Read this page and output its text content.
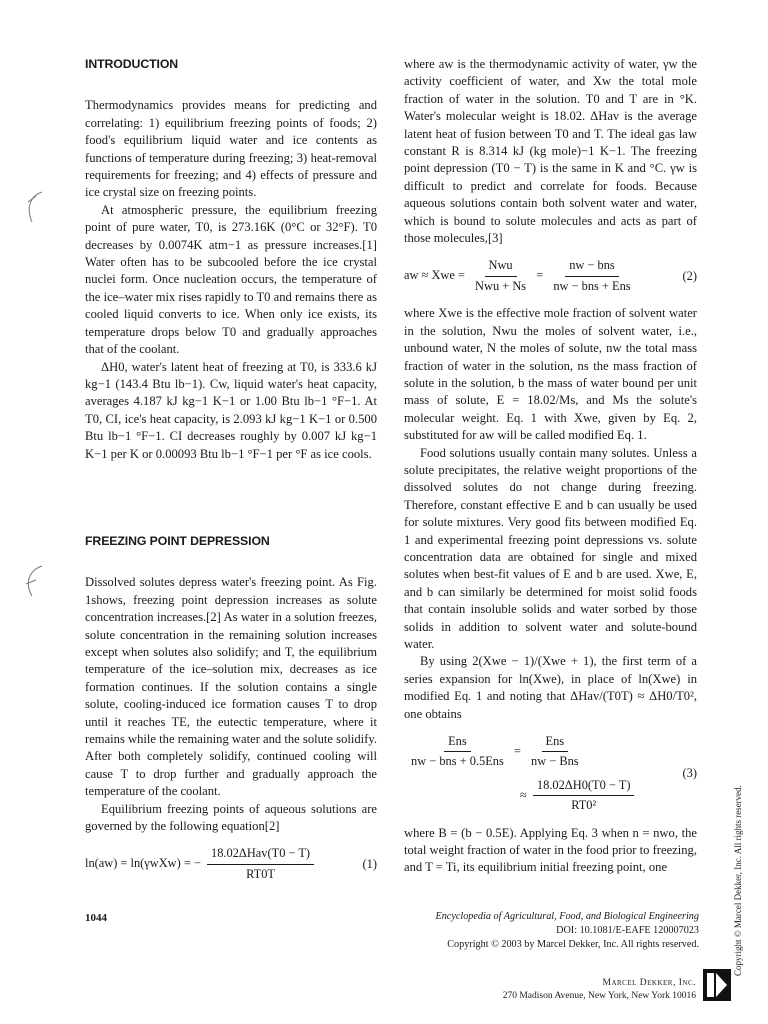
INTRODUCTION

Thermodynamics provides means for predicting and correlating: 1) equilibrium freezing points of foods; 2) food's equilibrium liquid water and ice contents as functions of temperature during freezing; 3) heat-removal requirements for freezing; and 4) effects of pressure and ice crystal size on freezing points.

At atmospheric pressure, the equilibrium freezing point of pure water, T0, is 273.16K (0°C or 32°F). T0 decreases by 0.0074K atm−1 as pressure increases.[1] Water often has to be subcooled before the ice crystal nuclei form. Once nucleation occurs, the temperature of the ice–water mix rises rapidly to T0 and remains there as cooled liquid converts to ice. When only ice exists, its temperature drops below T0 and gradually approaches that of the coolant.

ΔH0, water's latent heat of freezing at T0, is 333.6 kJ kg−1 (143.4 Btu lb−1). Cw, liquid water's heat capacity, averages 4.187 kJ kg−1 K−1 or 1.00 Btu lb−1 °F−1. At T0, CI, ice's heat capacity, is 2.093 kJ kg−1 K−1 or 0.500 Btu lb−1 °F−1. CI decreases roughly by 0.007 kJ kg−1 K−1 per K or 0.00093 Btu lb−1 °F−1 per °F as ice cools.

FREEZING POINT DEPRESSION

Dissolved solutes depress water's freezing point. As Fig. 1shows, freezing point depression increases as solute concentration increases.[2] As water in a solution freezes, solute concentration in the remaining solution increases except when solutes also solidify; and T, the equilibrium temperature of the ice–solution mix, decreases as ice formation continues. If the solution contains a single solute, cooling-induced ice formation causes T to drop until it reaches TE, the eutectic temperature, where it remains while the remaining water and the solute solidify. After both completely solidify, continued cooling will cause T to drop further and gradually approach the temperature of the coolant.

Equilibrium freezing points of aqueous solutions are governed by the following equation[2]

ln(aw) = ln(γwXw) = − $\frac{\text{18.02ΔHav(T0 − T)}}{RT0T}$	(1)

where aw is the thermodynamic activity of water, γw the activity coefficient of water, and Xw the total mole fraction of water in the solution. T0 and T are in °K. Water's molecular weight is 18.02. ΔHav is the average latent heat of fusion between T0 and T. The ideal gas law constant R is 8.314 kJ (kg mole)−1 K−1. The freezing point depression (T0 − T) is the same in K and °C. γw is difficult to predict and correlate for foods. Because aqueous solutions contain both solvent water and water, which is bound to solute molecules and acts as part of those molecules,[3]

aw ≈ Xwe = $\frac{\text{Nwu}}{\text{Nwu + Ns}} = \frac{\text{nw − bns}}{\text{nw − bns + Ens}}$	(2)

where Xwe is the effective mole fraction of solvent water in the solution, Nwu the moles of solvent water, i.e., unbound water, N the moles of solute, nw the total mass fraction of water in the solution, ns the mass fraction of solute in the solution, b the mass of water bound per unit mass of solute, E = 18.02/Ms, and Ms the solute's molecular weight. Eq. 1 with Xwe, given by Eq. 2, substituted for aw will be called modified Eq. 1.

Food solutions usually contain many solutes. Unless a solute precipitates, the relative weight proportions of the dissolved solutes do not change during freezing. Therefore, constant effective E and b can usually be used for solute mixtures. Very good fits between modified Eq. 1 and experimental freezing point depressions vs. solute concentration data are obtained for single and mixed solutes when best-fit values of E and b are used. Xwe, E, and b can similarly be determined for moist solid foods that contain insoluble solids and water sorbed by those solids in addition to solvent water and solute-bound water.

By using 2(Xwe − 1)/(Xwe + 1), the first term of a series expansion for ln(Xwe), in place of ln(Xwe) in modified Eq. 1 and noting that ΔHav/(T0T) ≈ ΔH0/T0², one obtains

$\frac{\text{Ens}}{\text{nw − bns + 0.5Ens}} = \frac{\text{Ens}}{\text{nw − Bns}}$
≈ $\frac{18.02\Delta H0(T0 - T)}{\text{RT0²}}$
(3)

where B = (b − 0.5E). Applying Eq. 3 when n = nwo, the total weight fraction of water in the food prior to freezing, and T = Ti, its equilibrium initial freezing point, one

1044	Encyclopedia of Agricultural, Food, and Biological Engineering
DOI: 10.1081/E-EAFE 120007023
Copyright © 2003 by Marcel Dekker, Inc. All rights reserved.
Marcel Dekker, Inc.
270 Madison Avenue, New York, New York 10016
Copyright © Marcel Dekker, Inc. All rights reserved.
